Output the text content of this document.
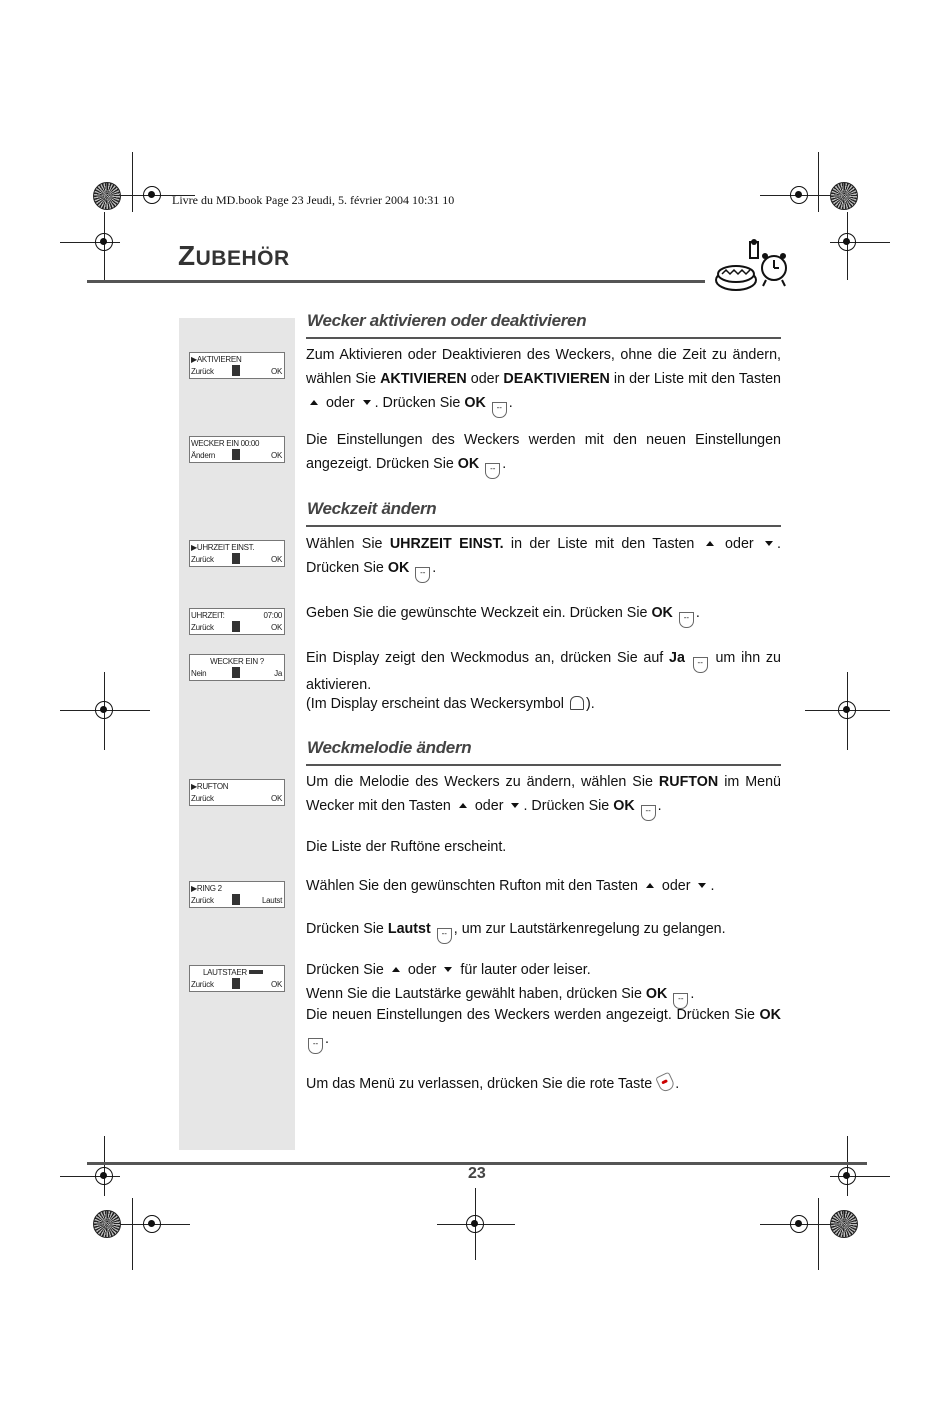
Livre du MD.book Page 23 Jeudi, 5. février 2004 10:31 10
ZUBEHÖR
▶AKTIVIEREN
Zurück	OK
WECKER EIN 00:00
Ändern	OK
▶UHRZEIT EINST.
Zurück	OK
UHRZEIT:	07:00
Zurück	OK
WECKER EIN ?
Nein	Ja
▶RUFTON
Zurück	OK
▶RING 2
Zurück	Lautst
LAUTSTAER
Zurück	OK
Wecker aktivieren oder deaktivieren
Zum Aktivieren oder Deaktivieren des Weckers, ohne die Zeit zu ändern, wählen Sie AKTIVIEREN oder DEAKTIVIEREN in der Liste mit den Tasten  oder . Drücken Sie OK -- .
Die Einstellungen des Weckers werden mit den neuen Einstellungen angezeigt. Drücken Sie OK -- .
Weckzeit ändern
Wählen Sie UHRZEIT EINST. in der Liste mit den Tasten  oder . Drücken Sie OK -- .
Geben Sie die gewünschte Weckzeit ein. Drücken Sie OK -- .
Ein Display zeigt den Weckmodus an, drücken Sie auf Ja -- um ihn zu aktivieren.
(Im Display erscheint das Weckersymbol ).
Weckmelodie ändern
Um die Melodie des Weckers zu ändern, wählen Sie RUFTON im Menü Wecker mit den Tasten  oder . Drücken Sie OK -- .
Die Liste der Ruftöne erscheint.
Wählen Sie den gewünschten Rufton mit den Tasten  oder .
Drücken Sie Lautst -- , um zur Lautstärkenregelung zu gelangen.
Drücken Sie  oder  für lauter oder leiser.
Wenn Sie die Lautstärke gewählt haben, drücken Sie OK -- .
Die neuen Einstellungen des Weckers werden angezeigt. Drücken Sie OK -- .
Um das Menü zu verlassen, drücken Sie die rote Taste .
23
